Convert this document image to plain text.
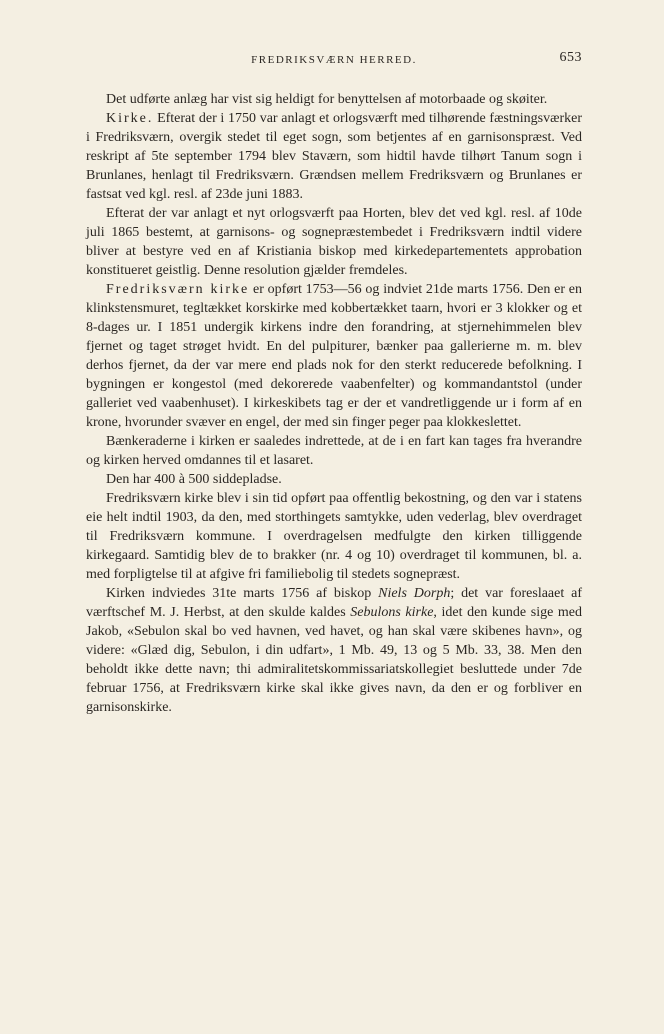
FREDRIKSVÆRN HERRED.	653

Det udførte anlæg har vist sig heldigt for benyttelsen af motorbaade og skøiter.

Kirke. Efterat der i 1750 var anlagt et orlogsværft med tilhørende fæstningsværker i Fredriksværn, overgik stedet til eget sogn, som betjentes af en garnisonspræst. Ved reskript af 5te september 1794 blev Staværn, som hidtil havde tilhørt Tanum sogn i Brunlanes, henlagt til Fredriksværn. Grændsen mellem Fredriksværn og Brunlanes er fastsat ved kgl. resl. af 23de juni 1883.

Efterat der var anlagt et nyt orlogsværft paa Horten, blev det ved kgl. resl. af 10de juli 1865 bestemt, at garnisons- og sognepræstembedet i Fredriksværn indtil videre bliver at bestyre ved en af Kristiania biskop med kirkedepartementets approbation konstitueret geistlig. Denne resolution gjælder fremdeles.

Fredriksværn kirke er opført 1753—56 og indviet 21de marts 1756. Den er en klinkstensmuret, tegltækket korskirke med kobbertækket taarn, hvori er 3 klokker og et 8-dages ur. I 1851 undergik kirkens indre den forandring, at stjernehimmelen blev fjernet og taget strøget hvidt. En del pulpiturer, bænker paa gallerierne m. m. blev derhos fjernet, da der var mere end plads nok for den sterkt reducerede befolkning. I bygningen er kongestol (med dekorerede vaabenfelter) og kommandantstol (under galleriet ved vaabenhuset). I kirkeskibets tag er der et vandretliggende ur i form af en krone, hvorunder svæver en engel, der med sin finger peger paa klokkeslettet.

Bænkeraderne i kirken er saaledes indrettede, at de i en fart kan tages fra hverandre og kirken herved omdannes til et lasaret.

Den har 400 à 500 siddepladse.

Fredriksværn kirke blev i sin tid opført paa offentlig bekostning, og den var i statens eie helt indtil 1903, da den, med storthingets samtykke, uden vederlag, blev overdraget til Fredriksværn kommune. I overdragelsen medfulgte den kirken tilliggende kirkegaard. Samtidig blev de to brakker (nr. 4 og 10) overdraget til kommunen, bl. a. med forpligtelse til at afgive fri familiebolig til stedets sognepræst.

Kirken indviedes 31te marts 1756 af biskop Niels Dorph; det var foreslaaet af værftschef M. J. Herbst, at den skulde kaldes Sebulons kirke, idet den kunde sige med Jakob, «Sebulon skal bo ved havnen, ved havet, og han skal være skibenes havn», og videre: «Glæd dig, Sebulon, i din udfart», 1 Mb. 49, 13 og 5 Mb. 33, 38. Men den beholdt ikke dette navn; thi admiralitetskommissariatskollegiet besluttede under 7de februar 1756, at Fredriksværn kirke skal ikke gives navn, da den er og forbliver en garnisonskirke.
